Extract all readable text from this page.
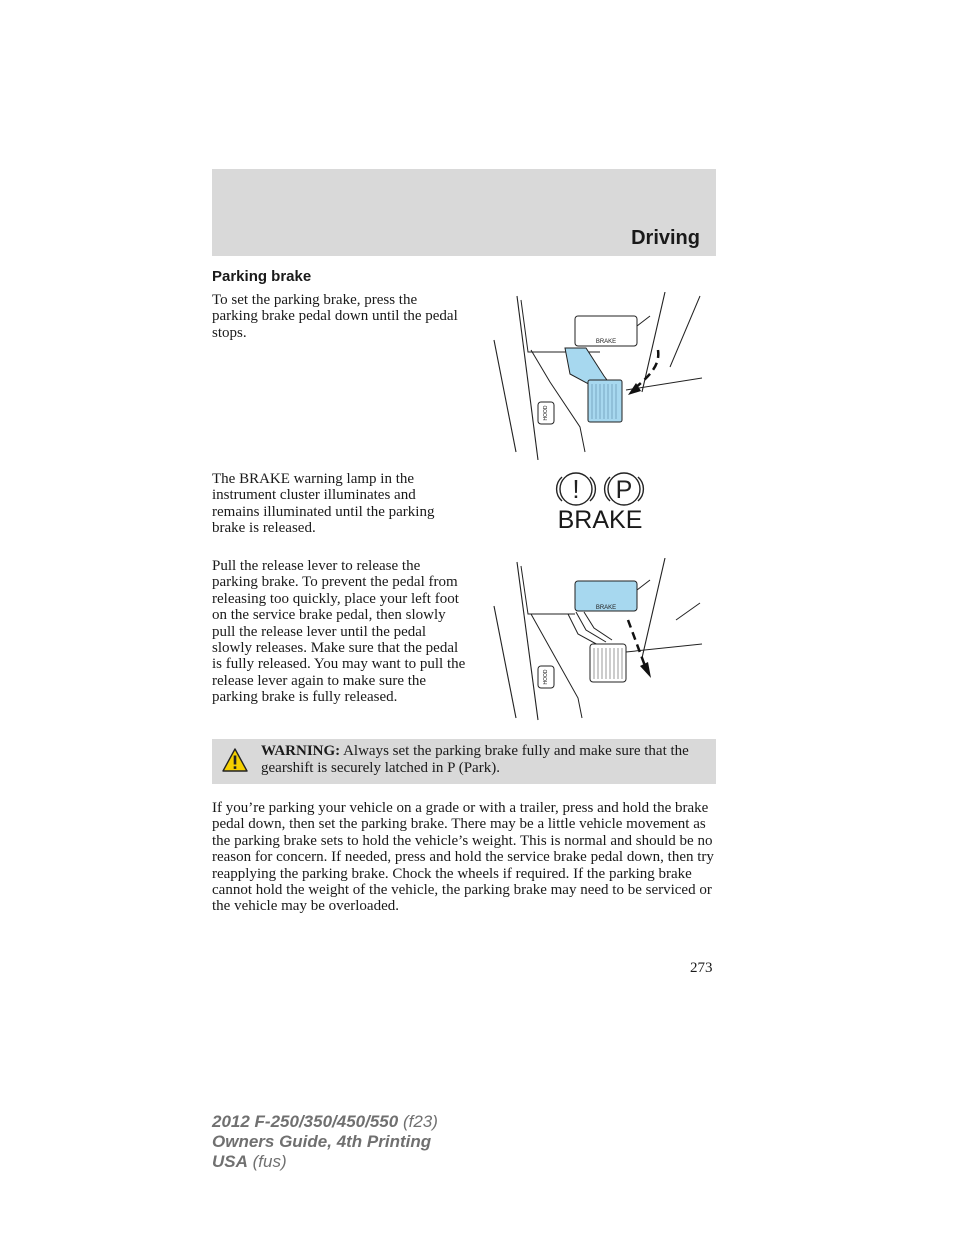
Driving
Parking brake

To set the parking brake, press the parking brake pedal down until the pedal stops.

BRAKE
HOOD

The BRAKE warning lamp in the instrument cluster illuminates and remains illuminated until the parking brake is released.

! P
BRAKE

Pull the release lever to release the parking brake. To prevent the pedal from releasing too quickly, place your left foot on the service brake pedal, then slowly pull the release lever until the pedal slowly releases. Make sure that the pedal is fully released. You may want to pull the release lever again to make sure the parking brake is fully released.

BRAKE
HOOD
WARNING: Always set the parking brake fully and make sure that the gearshift is securely latched in P (Park).

If you’re parking your vehicle on a grade or with a trailer, press and hold the brake pedal down, then set the parking brake. There may be a little vehicle movement as the parking brake sets to hold the vehicle’s weight. This is normal and should be no reason for concern. If needed, press and hold the service brake pedal down, then try reapplying the parking brake. Chock the wheels if required. If the parking brake cannot hold the weight of the vehicle, the parking brake may need to be serviced or the vehicle may be overloaded.

273
2012 F-250/350/450/550 (f23)
Owners Guide, 4th Printing
USA (fus)
